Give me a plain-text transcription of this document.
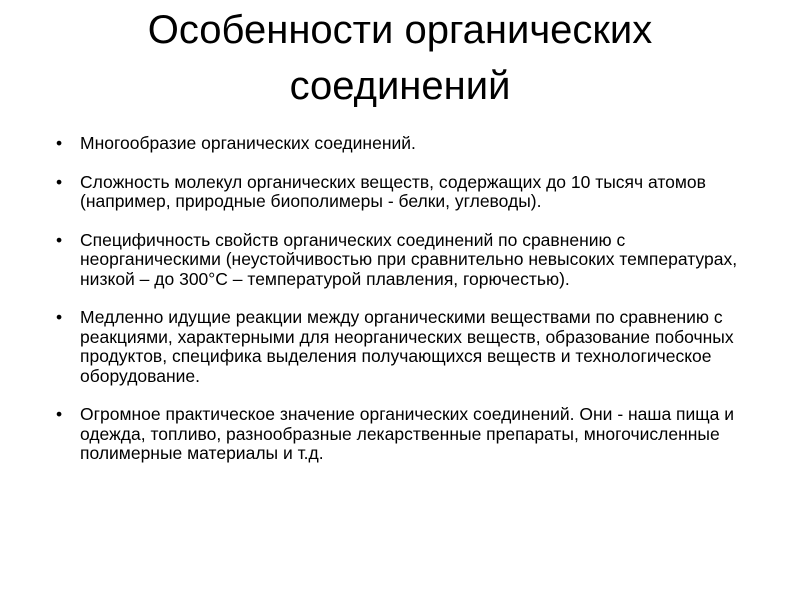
Особенности органических соединений
• Многообразие органических соединений.
• Сложность молекул органических веществ, содержащих до 10 тысяч атомов (например, природные биополимеры - белки, углеводы).
• Специфичность свойств органических соединений по сравнению с неорганическими (неустойчивостью при сравнительно невысоких температурах, низкой – до 300°С – температурой плавления, горючестью).
• Медленно идущие реакции между органическими веществами по сравнению с реакциями, характерными для неорганических веществ, образование побочных продуктов, специфика выделения получающихся веществ и технологическое оборудование.
• Огромное практическое значение органических соединений. Они - наша пища и одежда, топливо, разнообразные лекарственные препараты, многочисленные полимерные материалы и т.д.
